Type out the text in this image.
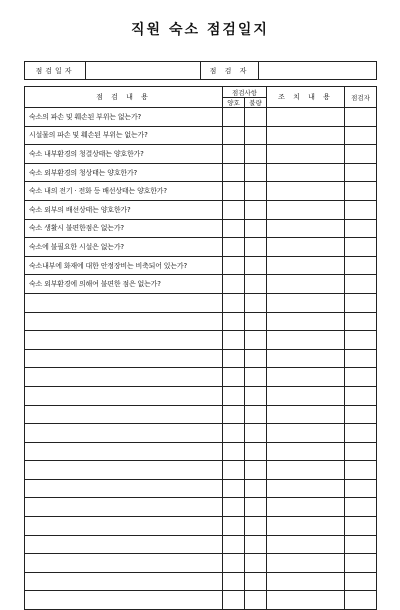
직원 숙소 점검일지
점검일자		점 검 자	
점 검 내 용	점검사항		조 치 내 용	점검자
	양호	불량		
숙소의 파손 및 훼손된 부위는 없는가?				
시설물의 파손 및 훼손된 부위는 없는가?				
숙소 내부환경의 청결상태는 양호한가?				
숙소 외부환경의 청상태는 양호한가?				
숙소 내의 전기 · 전화 등 배선상태는 양호한가?				
숙소 외부의 배선상태는 양호한가?				
숙소 생활시 불편한점은 없는가?				
숙소에 불필요한 시설은 없는가?				
숙소내부에 화재에 대한 안정장비는 비축되어 있는가?				
숙소 외부환경에 의해여 불편한 점은 없는가?				
